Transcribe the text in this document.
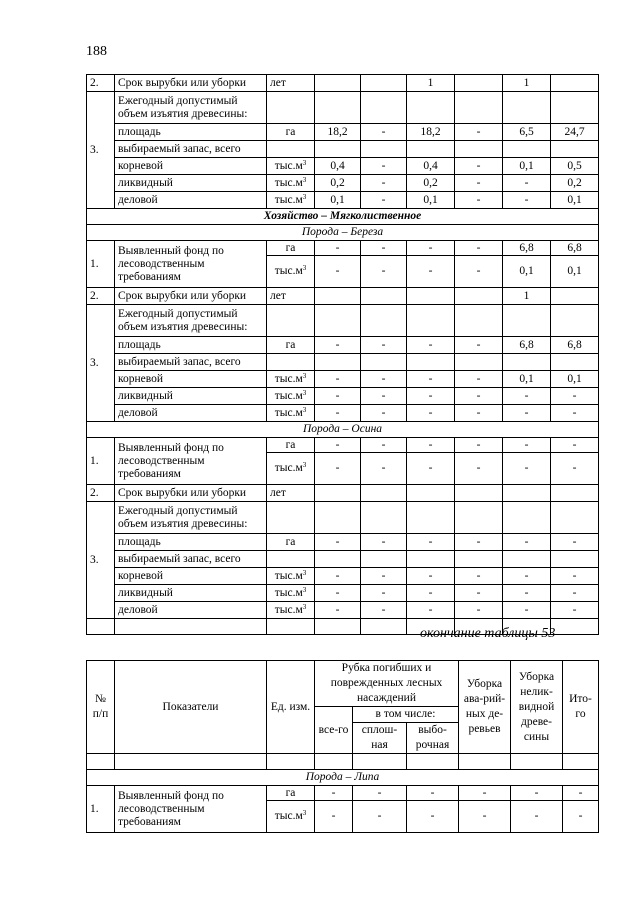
188
2.	Срок вырубки или уборки	лет			1		1	
3.	Ежегодный допустимый объем изъятия древесины:							
	площадь	га	18,2	-	18,2	-	6,5	24,7
	выбираемый запас, всего							
	корневой	$тыс.м^3$	0,4	-	0,4	-	0,1	0,5
	ликвидный	$тыс.м^3$	0,2	-	0,2	-	-	0,2
	деловой	$тыс.м^3$	0,1	-	0,1	-	-	0,1
Хозяйство – Мягколиственное								
Порода – Береза								
1.	Выявленный фонд по лесоводственным требованиям	га	-	-	-	-	6,8	6,8
		$тыс.м^3$	-	-	-	-	0,1	0,1
2.	Срок вырубки или уборки	лет					1	
3.	Ежегодный допустимый объем изъятия древесины:							
	площадь	га	-	-	-	-	6,8	6,8
	выбираемый запас, всего							
	корневой	$тыс.м^3$	-	-	-	-	0,1	0,1
	ликвидный	$тыс.м^3$	-	-	-	-	-	-
	деловой	$тыс.м^3$	-	-	-	-	-	-
Порода – Осина								
1.	Выявленный фонд по лесоводственным требованиям	га	-	-	-	-	-	-
		$тыс.м^3$	-	-	-	-	-	-
2.	Срок вырубки или уборки	лет						
3.	Ежегодный допустимый объем изъятия древесины:							
	площадь	га	-	-	-	-	-	-
	выбираемый запас, всего							
	корневой	$тыс.м^3$	-	-	-	-	-	-
	ликвидный	$тыс.м^3$	-	-	-	-	-	-
	деловой	$тыс.м^3$	-	-	-	-	-	-

окончание таблицы 53
№ п/п	Показатели	Ед. изм.	Рубка погибших и поврежденных лесных насаждений			Уборка ава-рий-ных де-ревьев	Уборка нелик-видной древе-сины	Ито-го
			все-го	в том числе:				
				сплош-ная	выбо-рочная			

Порода – Липа								
1.	Выявленный фонд по лесоводственным требованиям	га	-	-	-	-	-	-
		$тыс.м^3$	-	-	-	-	-	-
